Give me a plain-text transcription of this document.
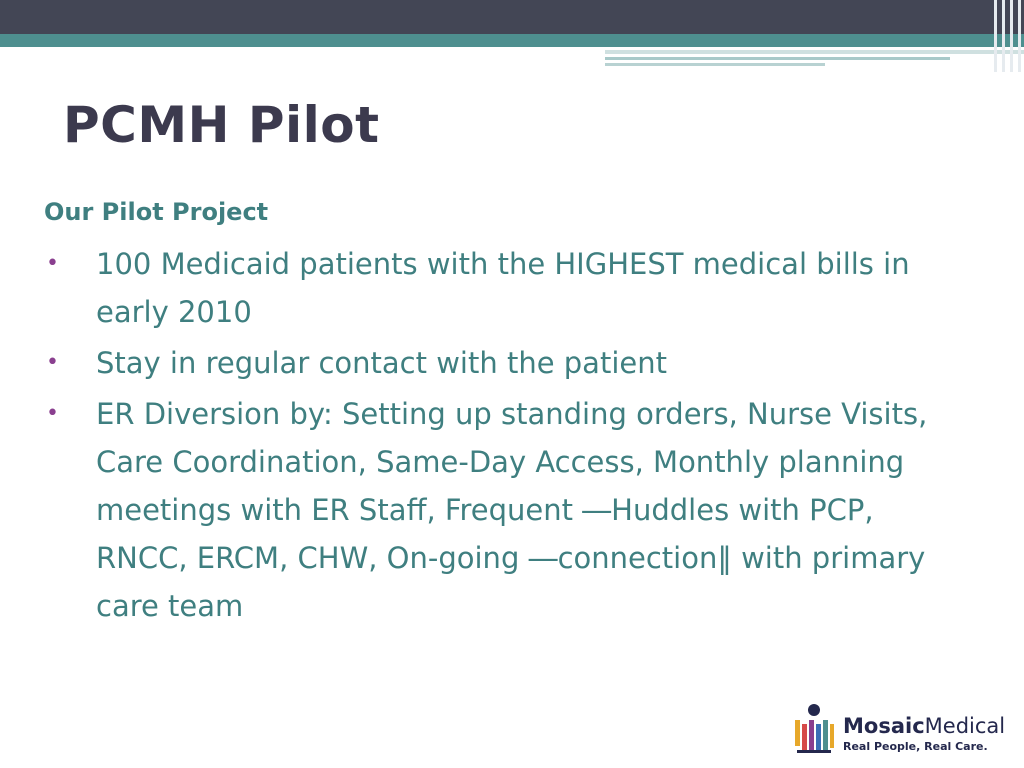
PCMH Pilot
Our Pilot Project
• 100 Medicaid patients with the HIGHEST medical bills in early 2010
• Stay in regular contact with the patient
• ER Diversion by: Setting up standing orders, Nurse Visits, Care Coordination, Same-Day Access, Monthly planning meetings with ER Staff, Frequent ―Huddles with PCP, RNCC, ERCM, CHW, On-going ―connection‖ with primary care team
MosaicMedical
Real People, Real Care.
